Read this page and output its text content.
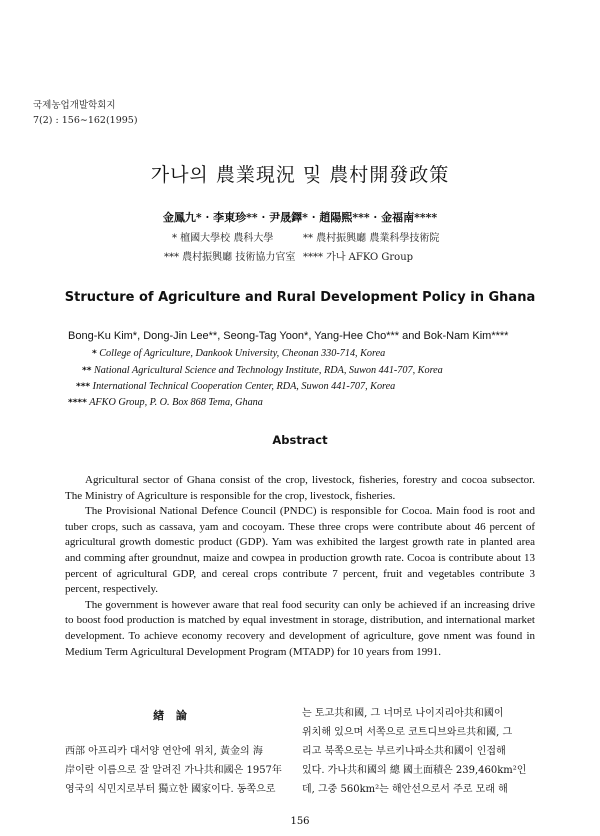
국제농업개발학회지
7(2) : 156∼162(1995)
가나의 農業現況 및 農村開發政策
金鳳九* · 李東珍** · 尹晟鐸* · 趙陽熙*** · 金福南****
* 檀國大學校 農科大學	** 農村振興廳 農業科學技術院
*** 農村振興廳 技術協力官室 **** 가나 AFKO Group
Structure of Agriculture and Rural Development Policy in Ghana
Bong-Ku Kim*, Dong-Jin Lee**, Seong-Tag Yoon*, Yang-Hee Cho*** and Bok-Nam Kim****
* College of Agriculture, Dankook University, Cheonan 330-714, Korea
** National Agricultural Science and Technology Institute, RDA, Suwon 441-707, Korea
*** International Technical Cooperation Center, RDA, Suwon 441-707, Korea
**** AFKO Group, P. O. Box 868 Tema, Ghana
Abstract

Agricultural sector of Ghana consist of the crop, livestock, fisheries, forestry and cocoa subsector. The Ministry of Agriculture is responsible for the crop, livestock, fisheries.

The Provisional National Defence Council (PNDC) is responsible for Cocoa. Main food is root and tuber crops, such as cassava, yam and cocoyam. These three crops were contribute about 46 percent of agricultural growth domestic product (GDP). Yam was exhibited the largest growth rate in planted area and comming after groundnut, maize and cowpea in production growth rate. Cocoa is contribute about 13 percent of agricultural GDP, and cereal crops contribute 7 percent, fruit and vegetables contribute 3 percent, respectively.

The government is however aware that real food security can only be achieved if an increasing drive to boost food production is matched by equal investment in storage, distribution, and international market development. To achieve economy recovery and development of agriculture, gove nment was found in Medium Term Agricultural Development Program (MTADP) for 10 years from 1991.

緖 論
西部 아프리카 대서양 연안에 위치, 黃金의 海
岸이란 이름으로 잘 알려진 가나共和國은 1957年
영국의 식민지로부터 獨立한 國家이다. 동쪽으로
는 토고共和國, 그 너머로 나이지리아共和國이
위치해 있으며 서쪽으로 코트디브와르共和國, 그
리고 북쪽으로는 부르키나파소共和國이 인접해
있다. 가나共和國의 總 國土面積은 239,460km²인
데, 그중 560km²는 해안선으로서 주로 모래 해
156
